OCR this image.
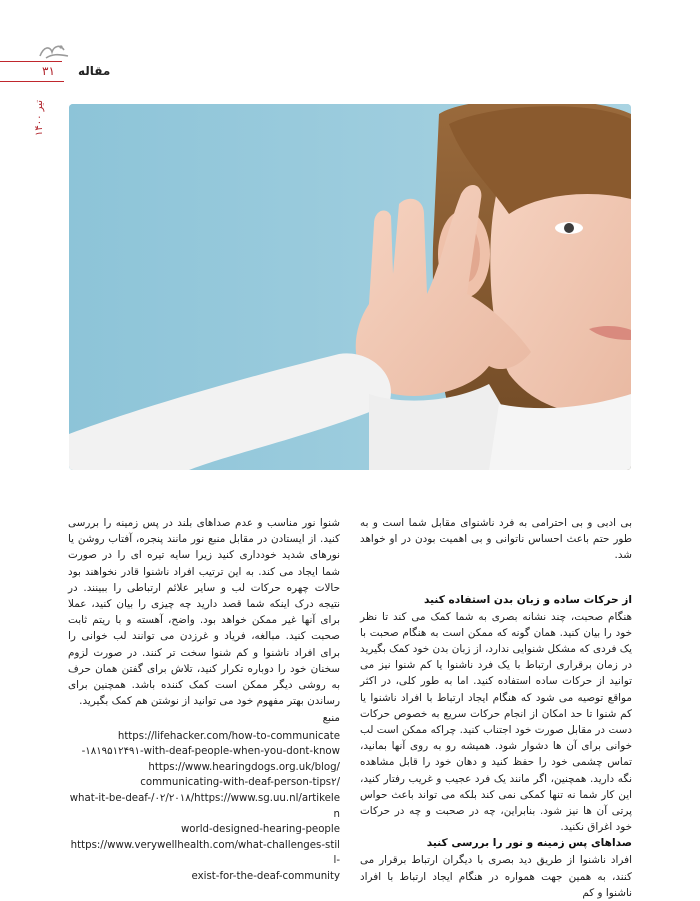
۳۱ مقاله
تیر ۱۴۰۰

بی ادبی و بی احترامی به فرد ناشنوای مقابل شما است و به طور حتم باعث احساس ناتوانی و بی اهمیت بودن در او خواهد شد.

از حرکات ساده و زبان بدن استفاده کنید

هنگام صحبت، چند نشانه بصری به شما کمک می کند تا نظر خود را بیان کنید. همان گونه که ممکن است به هنگام صحبت با یک فردی که مشکل شنوایی ندارد، از زبان بدن خود کمک بگیرید در زمان برقراری ارتباط با یک فرد ناشنوا یا کم شنوا نیز می توانید از حرکات ساده استفاده کنید. اما به طور کلی، در اکثر مواقع توصیه می شود که هنگام ایجاد ارتباط با افراد ناشنوا یا کم شنوا تا حد امکان از انجام حرکات سریع به خصوص حرکات دست در مقابل صورت خود اجتناب کنید. چراکه ممکن است لب خوانی برای آن ها دشوار شود. همیشه رو به روی آنها بمانید، تماس چشمی خود را حفظ کنید و دهان خود را قابل مشاهده نگه دارید. همچنین، اگر مانند یک فرد عجیب و غریب رفتار کنید، این کار شما نه تنها کمکی نمی کند بلکه می تواند باعث حواس پرتی آن ها نیز شود. بنابراین، چه در صحبت و چه در حرکات خود اغراق نکنید.

صداهای پس زمینه و نور را بررسی کنید

افراد ناشنوا از طریق دید بصری با دیگران ارتباط برقرار می کنند، به همین جهت همواره در هنگام ایجاد ارتباط با افراد ناشنوا و کم

شنوا نور مناسب و عدم صداهای بلند در پس زمینه را بررسی کنید. از ایستادن در مقابل منبع نور مانند پنجره، آفتاب روشن یا نورهای شدید خودداری کنید زیرا سایه تیره ای را در صورت شما ایجاد می کند. به این ترتیب افراد ناشنوا قادر نخواهند بود حالات چهره حرکات لب و سایر علائم ارتباطی را ببینند. در نتیجه درک اینکه شما قصد دارید چه چیزی را بیان کنید، عملا برای آنها غیر ممکن خواهد بود. واضح، آهسته و با ریتم ثابت صحبت کنید. مبالغه، فریاد و غرزدن می توانند لب خوانی را برای افراد ناشنوا و کم شنوا سخت تر کنند. در صورت لزوم سخنان خود را دوباره تکرار کنید، تلاش برای گفتن همان حرف به روشی دیگر ممکن است کمک کننده باشد. همچنین برای رساندن بهتر مفهوم خود می توانید از نوشتن هم کمک بگیرید.

منبع

https://lifehacker.com/how-to-communicate
-۱۸۱۹۵۱۲۴۹۱-with-deaf-people-when-you-dont-know
https://www.hearingdogs.org.uk/blog/
communicating-with-deaf-person-tips۲/
what-it-be-deaf-/۰۲/۲۰۱۸/https://www.sg.uu.nl/artikelen
world-designed-hearing-people
https://www.verywellhealth.com/what-challenges-still-
exist-for-the-deaf-community
